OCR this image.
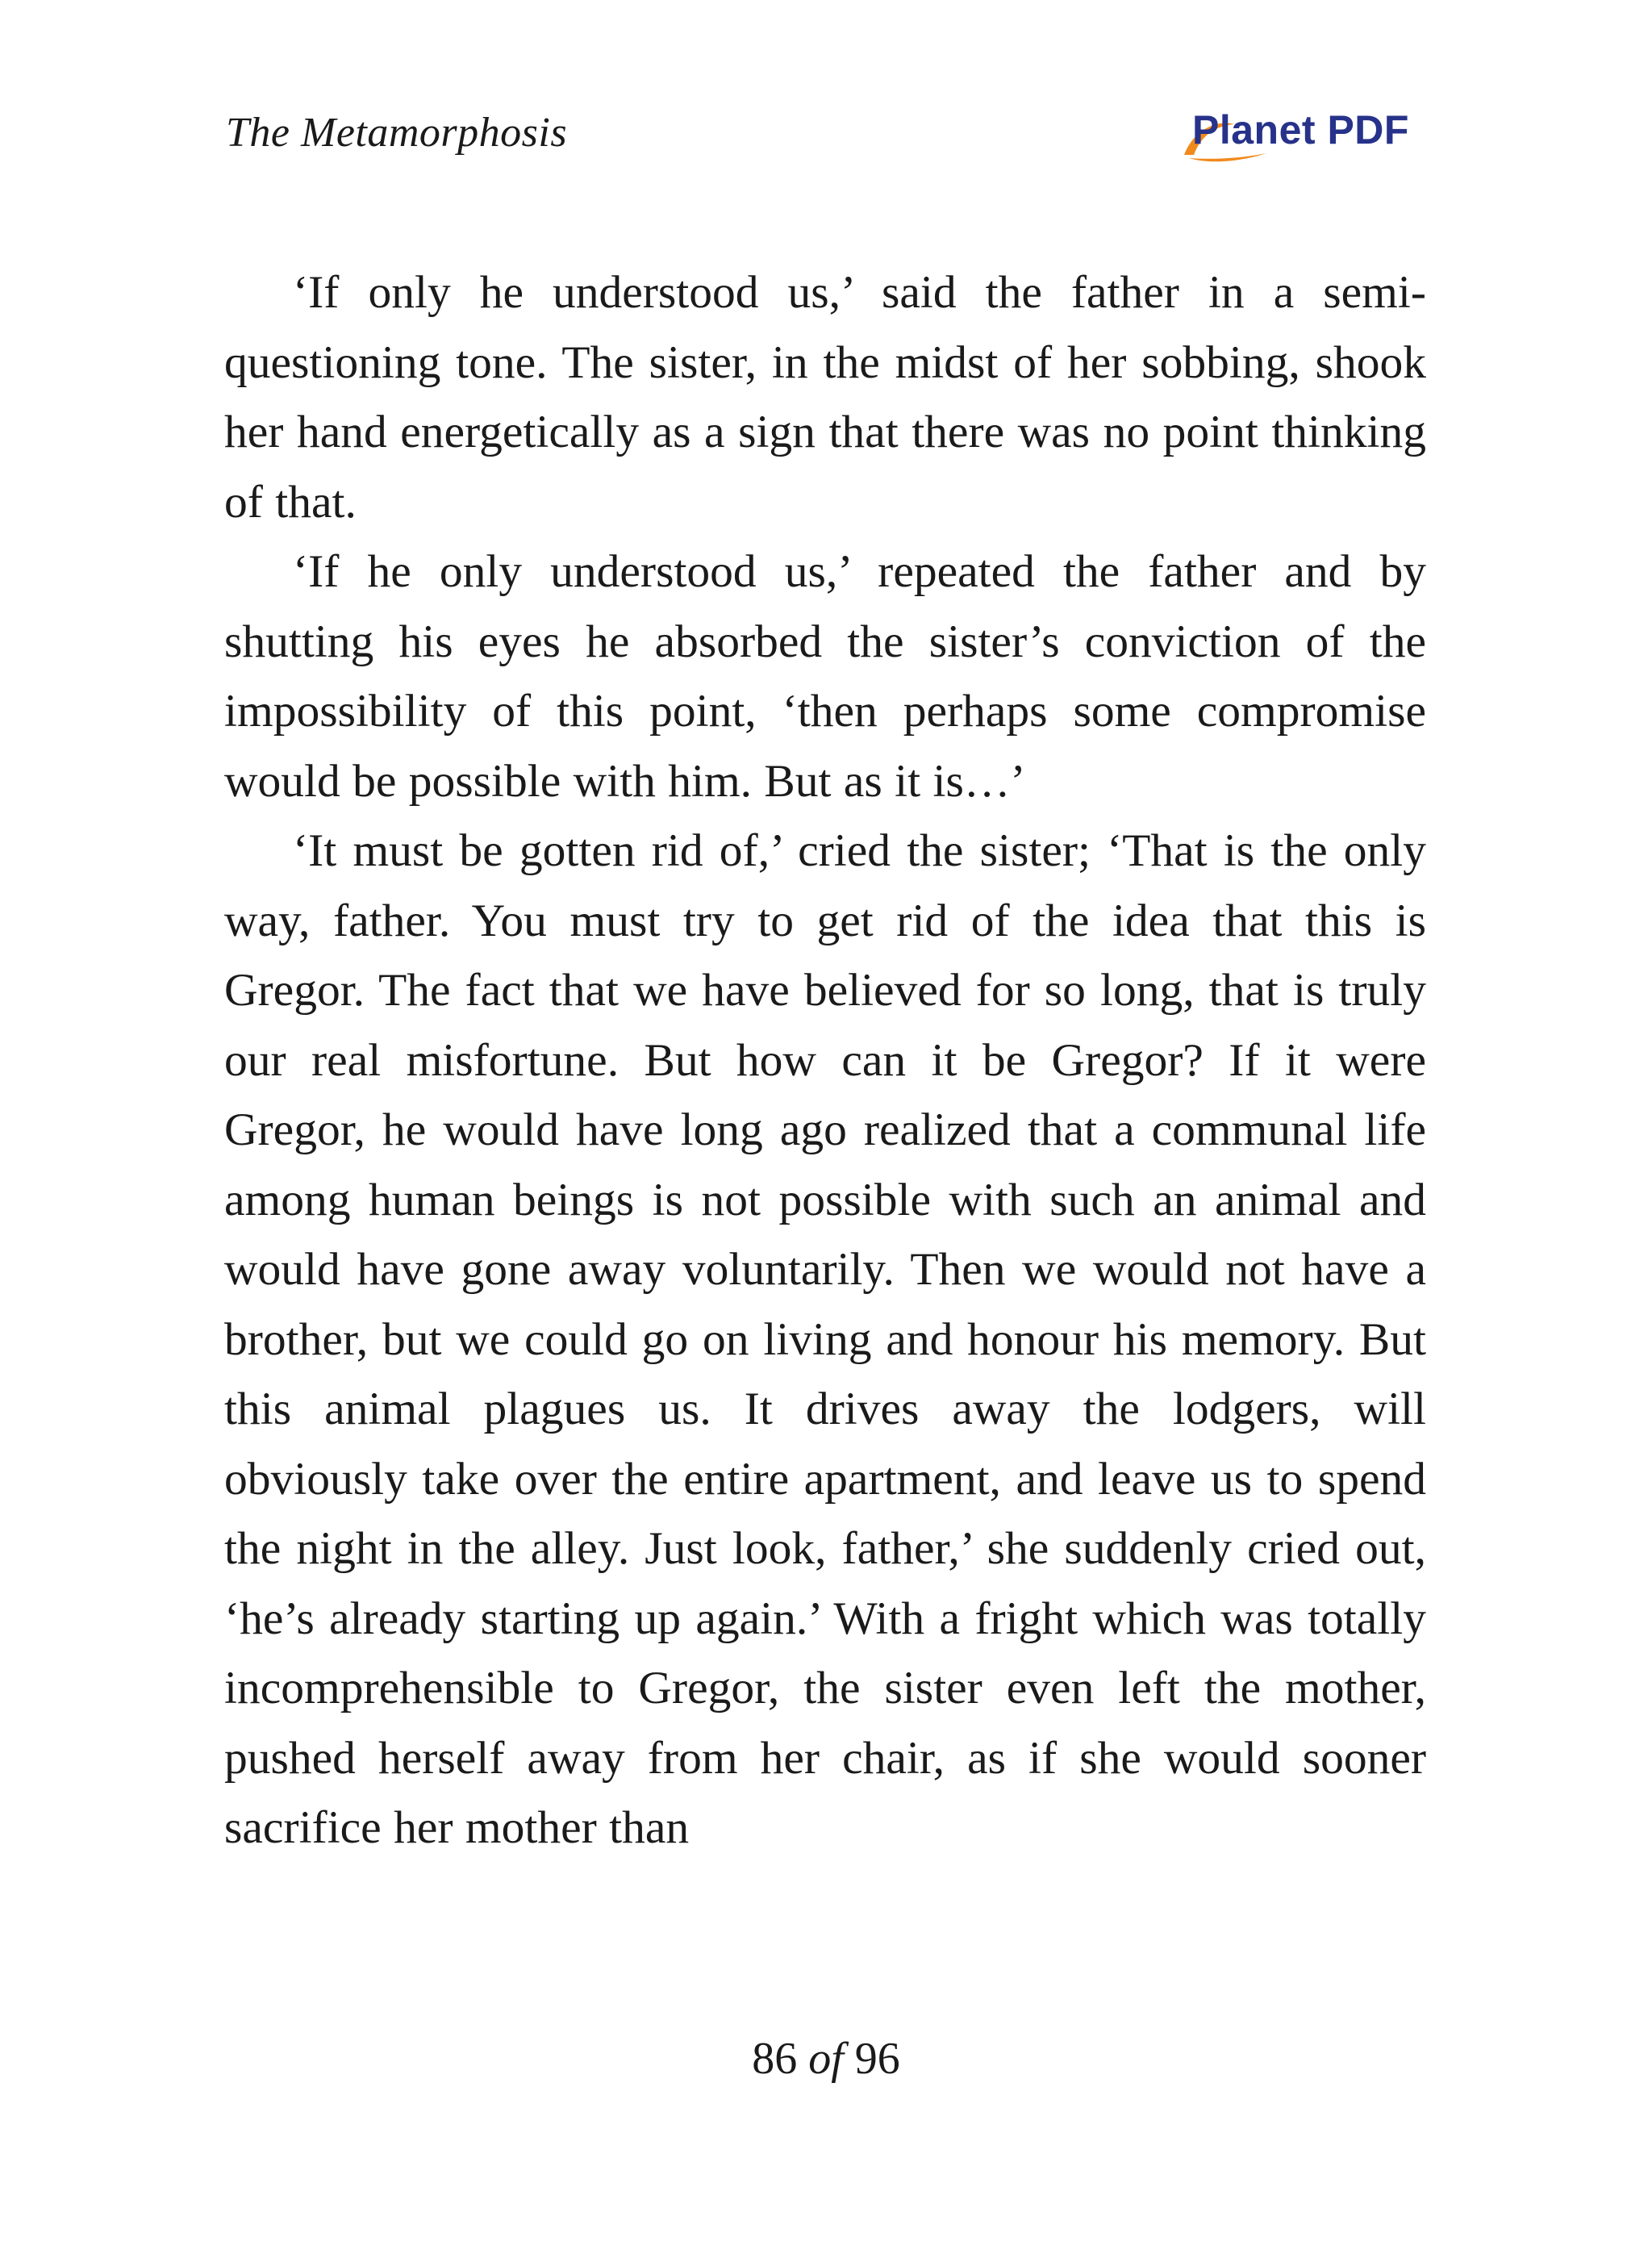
The Metamorphosis	Planet PDF

‘If only he understood us,’ said the father in a semi-questioning tone. The sister, in the midst of her sobbing, shook her hand energetically as a sign that there was no point thinking of that.

‘If he only understood us,’ repeated the father and by shutting his eyes he absorbed the sister’s conviction of the impossibility of this point, ‘then perhaps some compromise would be possible with him. But as it is…’

‘It must be gotten rid of,’ cried the sister; ‘That is the only way, father. You must try to get rid of the idea that this is Gregor. The fact that we have believed for so long, that is truly our real misfortune. But how can it be Gregor? If it were Gregor, he would have long ago realized that a communal life among human beings is not possible with such an animal and would have gone away voluntarily. Then we would not have a brother, but we could go on living and honour his memory. But this animal plagues us. It drives away the lodgers, will obviously take over the entire apartment, and leave us to spend the night in the alley. Just look, father,’ she suddenly cried out, ‘he’s already starting up again.’ With a fright which was totally incomprehensible to Gregor, the sister even left the mother, pushed herself away from her chair, as if she would sooner sacrifice her mother than

86 of 96
